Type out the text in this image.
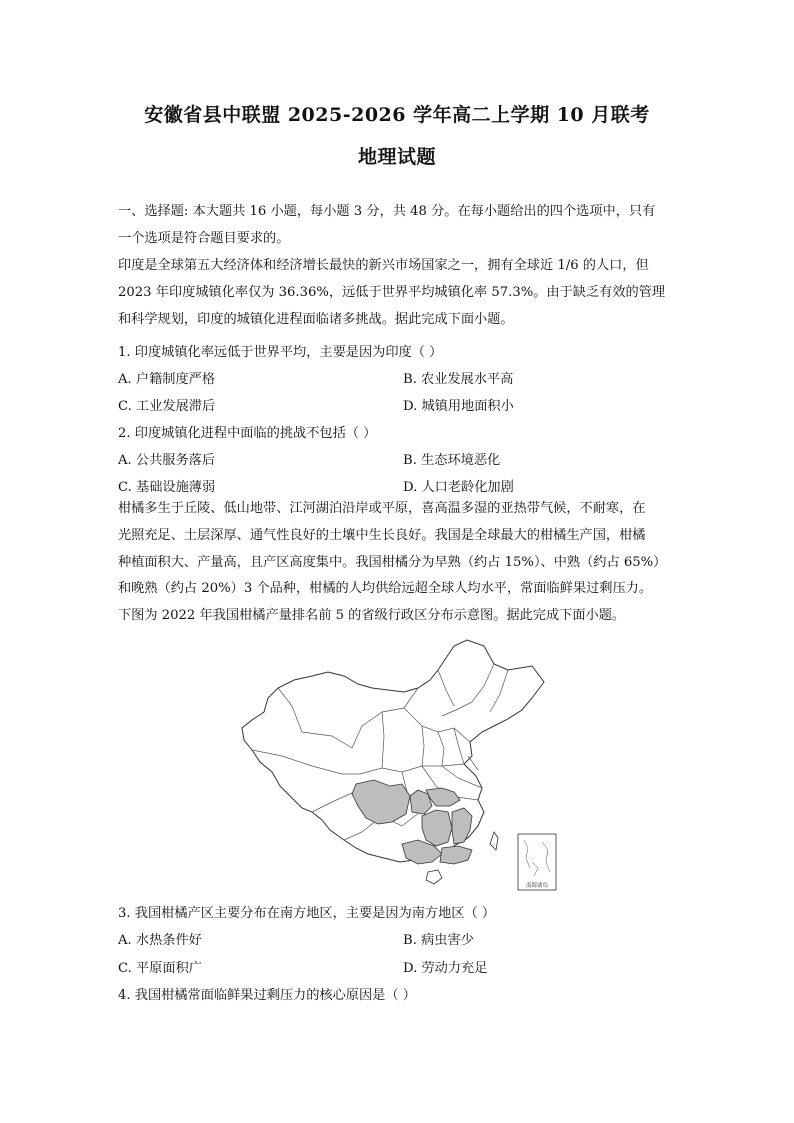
安徽省县中联盟 2025-2026 学年高二上学期 10 月联考
地理试题
一、选择题: 本大题共 16 小题，每小题 3 分，共 48 分。在每小题给出的四个选项中，只有
一个选项是符合题目要求的。
印度是全球第五大经济体和经济增长最快的新兴市场国家之一，拥有全球近 1/6 的人口，但
2023 年印度城镇化率仅为 36.36%，远低于世界平均城镇化率 57.3%。由于缺乏有效的管理
和科学规划，印度的城镇化进程面临诸多挑战。据此完成下面小题。
1. 印度城镇化率远低于世界平均，主要是因为印度（ ）
A. 户籍制度严格	B. 农业发展水平高
C. 工业发展滞后	D. 城镇用地面积小
2. 印度城镇化进程中面临的挑战不包括（ ）
A. 公共服务落后	B. 生态环境恶化
C. 基础设施薄弱	D. 人口老龄化加剧
柑橘多生于丘陵、低山地带、江河湖泊沿岸或平原，喜高温多湿的亚热带气候，不耐寒，在
光照充足、土层深厚、通气性良好的土壤中生长良好。我国是全球最大的柑橘生产国，柑橘
种植面积大、产量高，且产区高度集中。我国柑橘分为早熟（约占 15%）、中熟（约占 65%）
和晚熟（约占 20%）3 个品种，柑橘的人均供给远超全球人均水平，常面临鲜果过剩压力。
下图为 2022 年我国柑橘产量排名前 5 的省级行政区分布示意图。据此完成下面小题。
南海诸岛
3. 我国柑橘产区主要分布在南方地区，主要是因为南方地区（ ）
A. 水热条件好	B. 病虫害少
C. 平原面积广	D. 劳动力充足
4. 我国柑橘常面临鲜果过剩压力的核心原因是（ ）
